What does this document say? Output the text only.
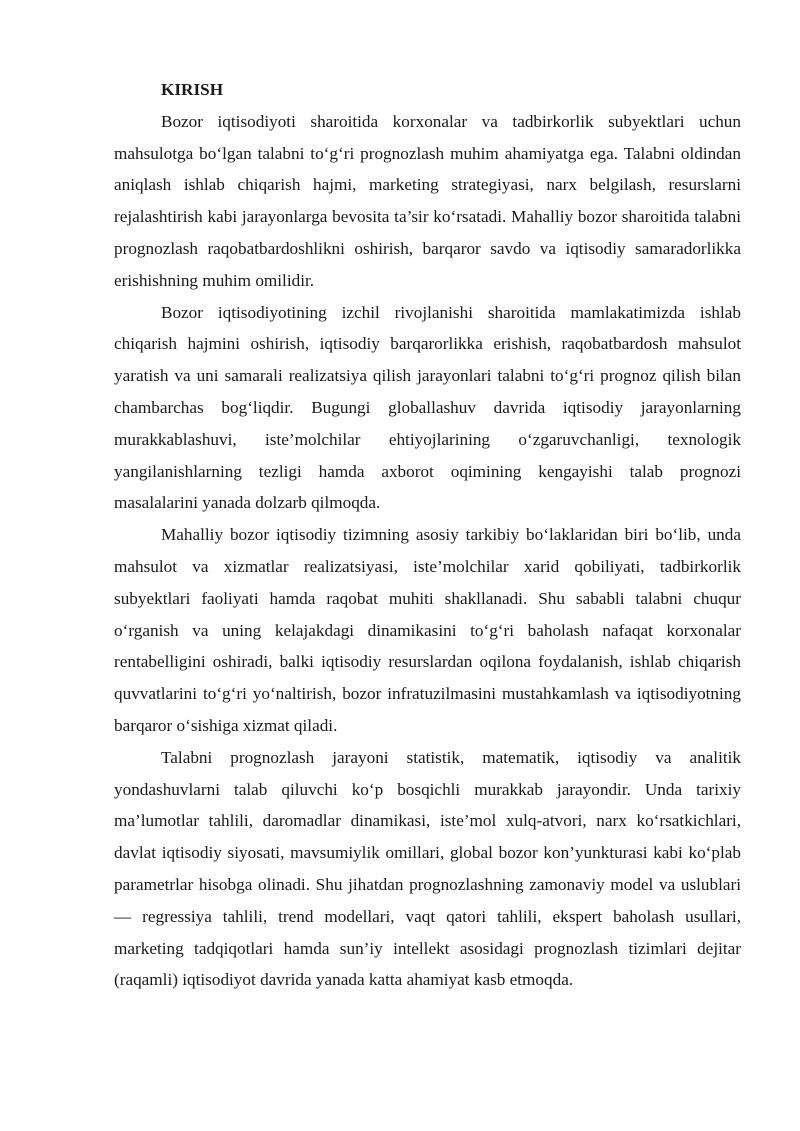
KIRISH

Bozor iqtisodiyoti sharoitida korxonalar va tadbirkorlik subyektlari uchun mahsulotga bo‘lgan talabni to‘g‘ri prognozlash muhim ahamiyatga ega. Talabni oldindan aniqlash ishlab chiqarish hajmi, marketing strategiyasi, narx belgilash, resurslarni rejalashtirish kabi jarayonlarga bevosita ta’sir ko‘rsatadi. Mahalliy bozor sharoitida talabni prognozlash raqobatbardoshlikni oshirish, barqaror savdo va iqtisodiy samaradorlikka erishishning muhim omilidir.

Bozor iqtisodiyotining izchil rivojlanishi sharoitida mamlakatimizda ishlab chiqarish hajmini oshirish, iqtisodiy barqarorlikka erishish, raqobatbardosh mahsulot yaratish va uni samarali realizatsiya qilish jarayonlari talabni to‘g‘ri prognoz qilish bilan chambarchas bog‘liqdir. Bugungi globallashuv davrida iqtisodiy jarayonlarning murakkablashuvi, iste’molchilar ehtiyojlarining o‘zgaruvchanligi, texnologik yangilanishlarning tezligi hamda axborot oqimining kengayishi talab prognozi masalalarini yanada dolzarb qilmoqda.

Mahalliy bozor iqtisodiy tizimning asosiy tarkibiy bo‘laklaridan biri bo‘lib, unda mahsulot va xizmatlar realizatsiyasi, iste’molchilar xarid qobiliyati, tadbirkorlik subyektlari faoliyati hamda raqobat muhiti shakllanadi. Shu sababli talabni chuqur o‘rganish va uning kelajakdagi dinamikasini to‘g‘ri baholash nafaqat korxonalar rentabelligini oshiradi, balki iqtisodiy resurslardan oqilona foydalanish, ishlab chiqarish quvvatlarini to‘g‘ri yo‘naltirish, bozor infratuzilmasini mustahkamlash va iqtisodiyotning barqaror o‘sishiga xizmat qiladi.

Talabni prognozlash jarayoni statistik, matematik, iqtisodiy va analitik yondashuvlarni talab qiluvchi ko‘p bosqichli murakkab jarayondir. Unda tarixiy ma’lumotlar tahlili, daromadlar dinamikasi, iste’mol xulq-atvori, narx ko‘rsatkichlari, davlat iqtisodiy siyosati, mavsumiylik omillari, global bozor kon’yunkturasi kabi ko‘plab parametrlar hisobga olinadi. Shu jihatdan prognozlashning zamonaviy model va uslublari — regressiya tahlili, trend modellari, vaqt qatori tahlili, ekspert baholash usullari, marketing tadqiqotlari hamda sun’iy intellekt asosidagi prognozlash tizimlari dejitar (raqamli) iqtisodiyot davrida yanada katta ahamiyat kasb etmoqda.
